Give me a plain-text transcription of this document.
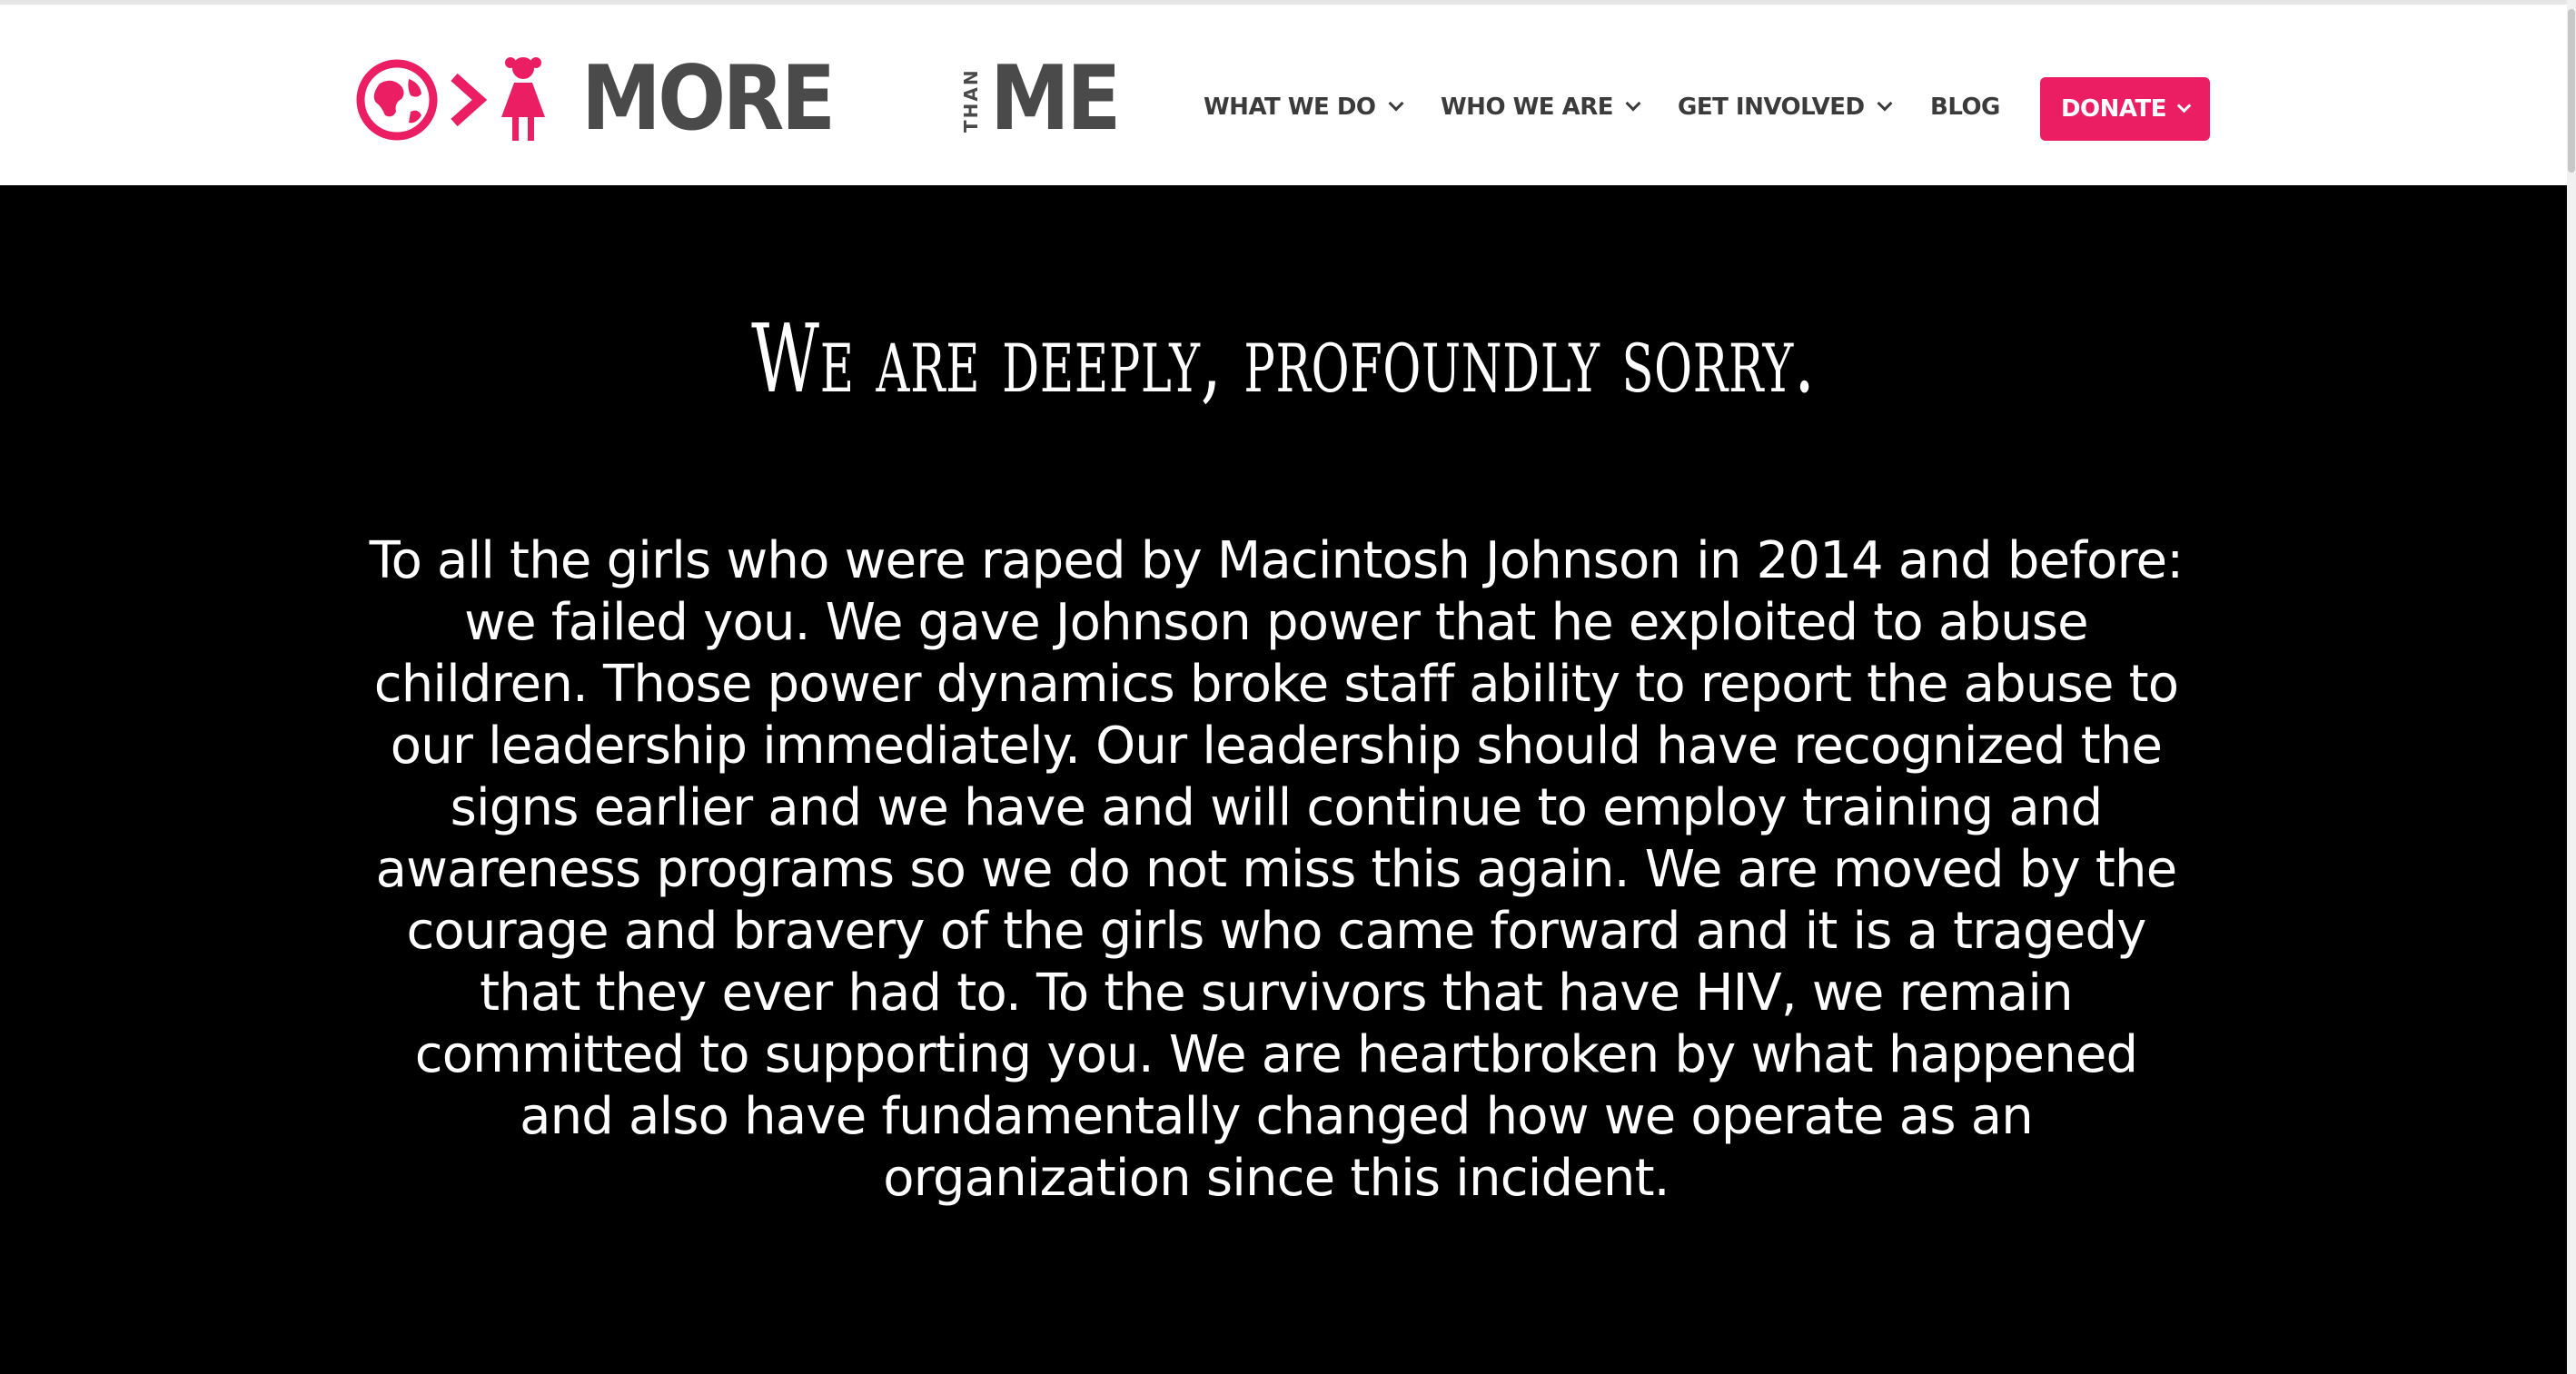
MORE	THAN ME	WHAT WE DO	WHO WE ARE	GET INVOLVED	BLOG	DONATE
We are deeply, profoundly sorry.

To all the girls who were raped by Macintosh Johnson in 2014 and before: we failed you. We gave Johnson power that he exploited to abuse children. Those power dynamics broke staff ability to report the abuse to our leadership immediately. Our leadership should have recognized the signs earlier and we have and will continue to employ training and awareness programs so we do not miss this again. We are moved by the courage and bravery of the girls who came forward and it is a tragedy that they ever had to. To the survivors that have HIV, we remain committed to supporting you. We are heartbroken by what happened and also have fundamentally changed how we operate as an organization since this incident.
